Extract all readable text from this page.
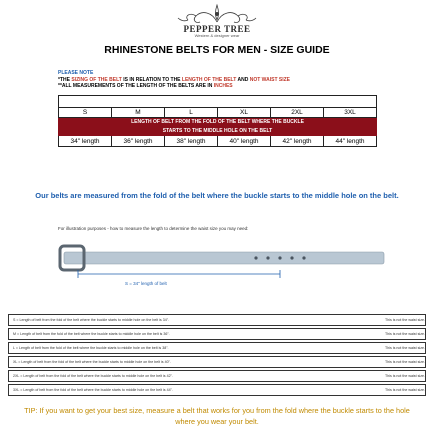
PEPPER TREE
Western & designer wear
RHINESTONE BELTS FOR MEN - SIZE GUIDE
PLEASE NOTE
*THE SIZING OF THE BELT IS IN RELATION TO THE LENGTH OF THE BELT AND NOT WAIST SIZE
**ALL MEASUREMENTS OF THE LENGTH OF THE BELTS ARE IN INCHES

S	M	L	XL	2XL	3XL
LENGTH OF BELT FROM THE FOLD OF THE BELT WHERE THE BUCKLE					
STARTS TO THE MIDDLE HOLE ON THE BELT					
34" length	36" length	38" length	40" length	42" length	44" length
Our belts are measured from the fold of the belt where the buckle starts to the middle hole on the belt.
For illustration purposes - how to measure the length to determine the waist size you may need:
S = 34" length of belt
S = Length of belt from the fold of the belt where the buckle starts to middle hole on the belt is 34".	This is not the waist size.
M = Length of belt from the fold of the belt where the buckle starts to middle hole on the belt is 36".	This is not the waist size.
L = Length of belt from the fold of the belt where the buckle starts to middle hole on the belt is 38".	This is not the waist size.
XL = Length of belt from the fold of the belt where the buckle starts to middle hole on the belt is 40".	This is not the waist size.
2XL = Length of belt from the fold of the belt where the buckle starts to middle hole on the belt is 42".	This is not the waist size.
3XL = Length of belt from the fold of the belt where the buckle starts to middle hole on the belt is 44".	This is not the waist size.
TIP: If you want to get your best size, measure a belt that works for you from the fold where the buckle starts to the hole where you wear your belt.
